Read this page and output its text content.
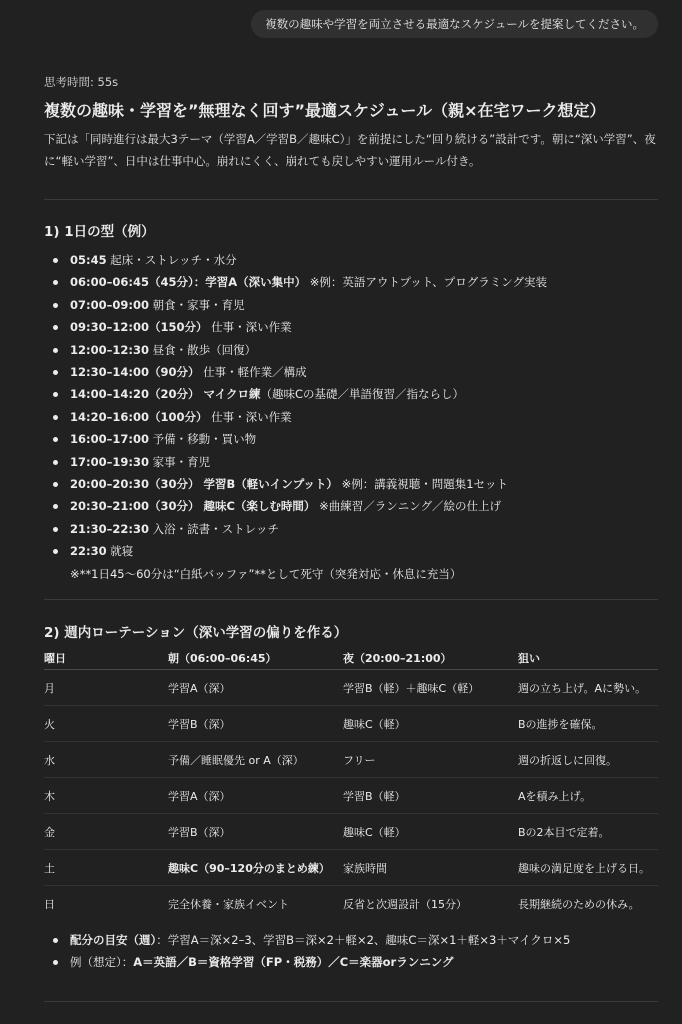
複数の趣味や学習を両立させる最適なスケジュールを提案してください。
思考時間: 55s
複数の趣味・学習を”無理なく回す”最適スケジュール（親×在宅ワーク想定）
下記は「同時進行は最大3テーマ（学習A／学習B／趣味C）」を前提にした“回り続ける”設計です。朝に“深い学習”、夜に“軽い学習”、日中は仕事中心。崩れにくく、崩れても戻しやすい運用ルール付き。
1) 1日の型（例）
05:45 起床・ストレッチ・水分
06:00–06:45（45分）：学習A（深い集中） ※例：英語アウトプット、プログラミング実装
07:00–09:00 朝食・家事・育児
09:30–12:00（150分） 仕事・深い作業
12:00–12:30 昼食・散歩（回復）
12:30–14:00（90分） 仕事・軽作業／構成
14:00–14:20（20分） マイクロ練（趣味Cの基礎／単語復習／指ならし）
14:20–16:00（100分） 仕事・深い作業
16:00–17:00 予備・移動・買い物
17:00–19:30 家事・育児
20:00–20:30（30分） 学習B（軽いインプット） ※例：講義視聴・問題集1セット
20:30–21:00（30分） 趣味C（楽しむ時間） ※曲練習／ランニング／絵の仕上げ
21:30–22:30 入浴・読書・ストレッチ
22:30 就寝
※**1日45〜60分は“白紙バッファ”**として死守（突発対応・休息に充当）
2) 週内ローテーション（深い学習の偏りを作る）
曜日	朝（06:00–06:45）	夜（20:00–21:00）	狙い
月	学習A（深）	学習B（軽）＋趣味C（軽）	週の立ち上げ。Aに勢い。
火	学習B（深）	趣味C（軽）	Bの進捗を確保。
水	予備／睡眠優先 or A（深）	フリー	週の折返しに回復。
木	学習A（深）	学習B（軽）	Aを積み上げ。
金	学習B（深）	趣味C（軽）	Bの2本目で定着。
土	趣味C（90–120分のまとめ練）	家族時間	趣味の満足度を上げる日。
日	完全休養・家族イベント	反省と次週設計（15分）	長期継続のための休み。
配分の目安（週）：学習A＝深×2–3、学習B＝深×2＋軽×2、趣味C＝深×1＋軽×3＋マイクロ×5
例（想定）：A＝英語／B＝資格学習（FP・税務）／C＝楽器orランニング
